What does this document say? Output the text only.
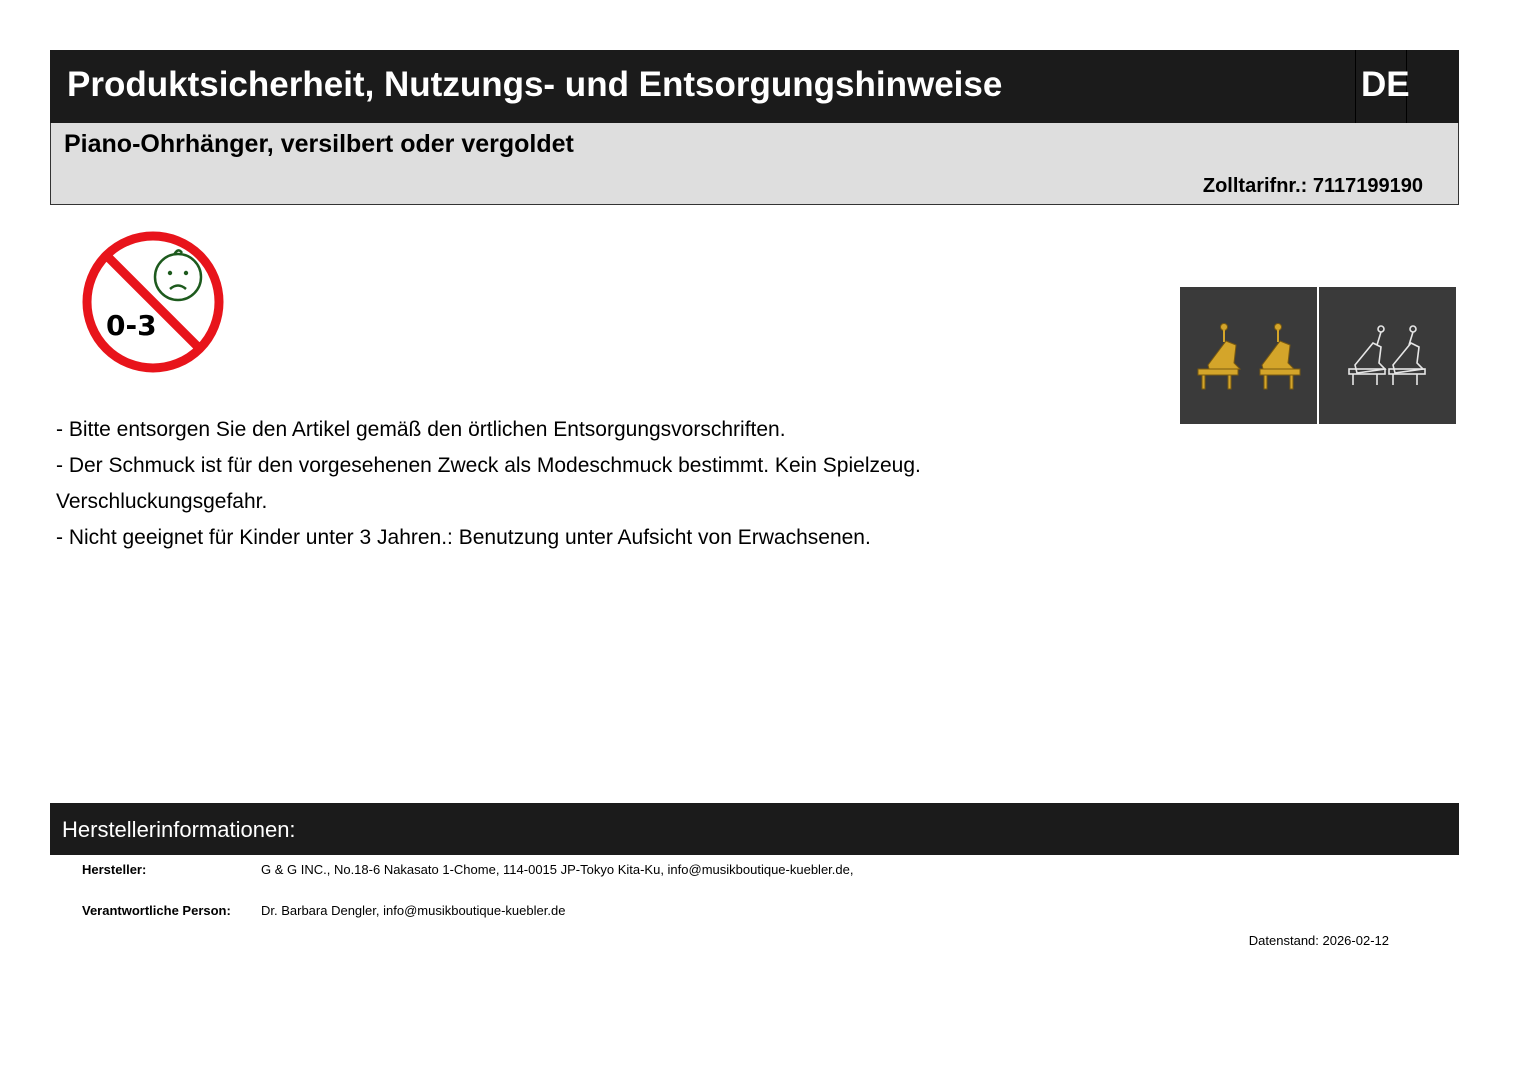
Produktsicherheit, Nutzungs- und Entsorgungshinweise	DE
Piano-Ohrhänger, versilbert oder vergoldet
Zolltarifnr.: 7117199190
0-3
- Bitte entsorgen Sie den Artikel gemäß den örtlichen Entsorgungsvorschriften.
- Der Schmuck ist für den vorgesehenen Zweck als Modeschmuck bestimmt. Kein Spielzeug.
Verschluckungsgefahr.
- Nicht geeignet für Kinder unter 3 Jahren.: Benutzung unter Aufsicht von Erwachsenen.
Herstellerinformationen:
Hersteller:	G & G INC., No.18-6 Nakasato 1-Chome, 114-0015 JP-Tokyo Kita-Ku, info@musikboutique-kuebler.de,
Verantwortliche Person: Dr. Barbara Dengler, info@musikboutique-kuebler.de
Datenstand: 2026-02-12
